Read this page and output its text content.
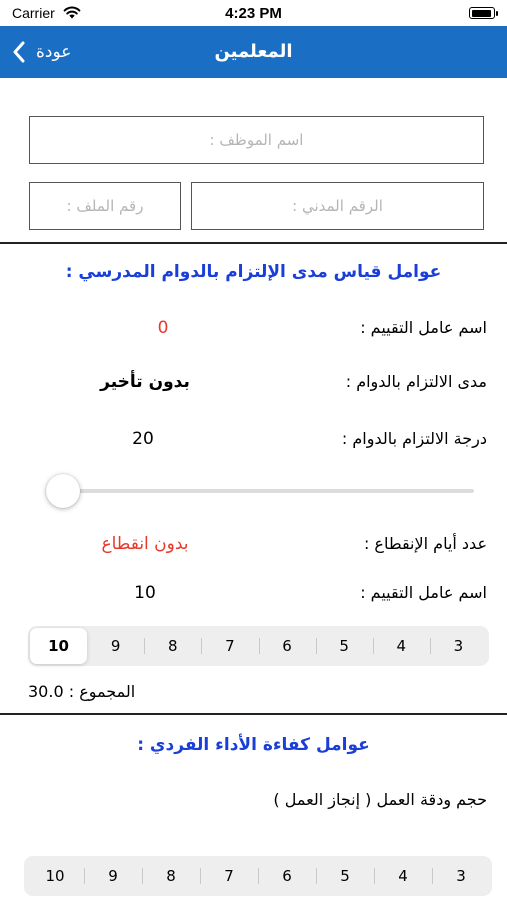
Carrier	4:23 PM
عودة	المعلمين
اسم الموظف :
الرقم المدني :
رقم الملف :
عوامل قياس مدى الإلتزام بالدوام المدرسي :
اسم عامل التقييم :
0
مدى الالتزام بالدوام :
بدون تأخير
درجة الالتزام بالدوام :
20
عدد أيام الإنقطاع :
بدون انقطاع
اسم عامل التقييم :
10
10	9	8	7	6	5	4	3
المجموع : 30.0
عوامل كفاءة الأداء الفردي :
حجم ودقة العمل ( إنجاز العمل )
10	9	8	7	6	5	4	3
